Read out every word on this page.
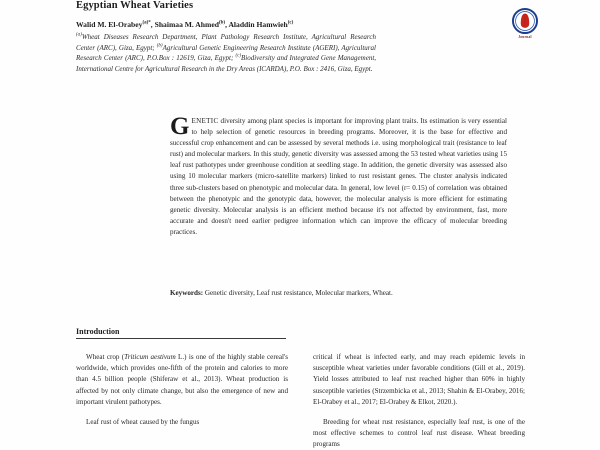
Egyptian Wheat Varieties
Walid M. El-Orabey$^{(a)*}$, Shaimaa M. Ahmed$^{(b)}$, Aladdin Hamwieh$^{(c)}$
$^{(a)}$Wheat Diseases Research Department, Plant Pathology Research Institute, Agricultural Research Center (ARC), Giza, Egypt; $^{(b)}$Agricultural Genetic Engineering Research Institute (AGERI), Agricultural Research Center (ARC), P.O.Box : 12619, Giza, Egypt; $^{(c)}$Biodiversity and Integrated Gene Management, International Centre for Agricultural Research in the Dry Areas (ICARDA), P.O. Box : 2416, Giza, Egypt.
Journal
GENETIC diversity among plant species is important for improving plant traits. Its estimation is very essential to help selection of genetic resources in breeding programs. Moreover, it is the base for effective and successful crop enhancement and can be assessed by several methods i.e. using morphological trait (resistance to leaf rust) and molecular markers. In this study, genetic diversity was assessed among the 53 tested wheat varieties using 15 leaf rust pathotypes under greenhouse condition at seedling stage. In addition, the genetic diversity was assessed also using 10 molecular markers (micro-satellite markers) linked to rust resistant genes. The cluster analysis indicated three sub-clusters based on phenotypic and molecular data. In general, low level (r= 0.15) of correlation was obtained between the phenotypic and the genotypic data, however, the molecular analysis is more efficient for estimating genetic diversity. Molecular analysis is an efficient method because it's not affected by environment, fast, more accurate and doesn't need earlier pedigree information which can improve the efficacy of molecular breeding practices.
Keywords: Genetic diversity, Leaf rust resistance, Molecular markers, Wheat.
Introduction

Wheat crop (Triticum aestivum L.) is one of the highly stable cereal's worldwide, which provides one-fifth of the protein and calories to more than 4.5 billion people (Shiferaw et al., 2013). Wheat production is affected by not only climate change, but also the emergence of new and important virulent pathotypes.

Leaf rust of wheat caused by the fungus

critical if wheat is infected early, and may reach epidemic levels in susceptible wheat varieties under favorable conditions (Gill et al., 2019). Yield losses attributed to leaf rust reached higher than 60% in highly susceptible varieties (Strzembicka et al., 2013; Shahin & El-Orabey, 2016; El-Orabey et al., 2017; El-Orabey & Elkot, 2020.).

Breeding for wheat rust resistance, especially leaf rust, is one of the most effective schemes to control leaf rust disease. Wheat breeding programs
